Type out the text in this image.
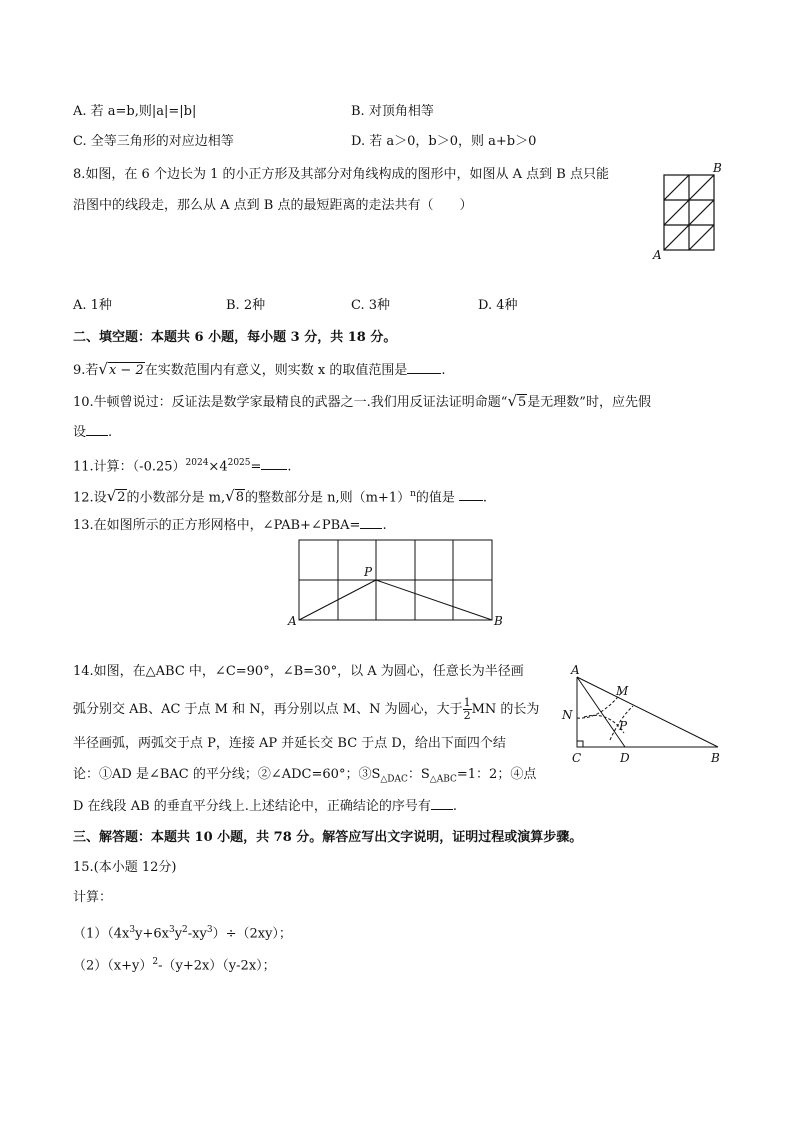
A. 若 a=b,则|a|=|b|	B. 对顶角相等
C. 全等三角形的对应边相等	D. 若 a＞0，b＞0，则 a+b＞0
8.如图，在 6 个边长为 1 的小正方形及其部分对角线构成的图形中，如图从 A 点到 B 点只能
沿图中的线段走，那么从 A 点到 B 点的最短距离的走法共有（　　）
B
A
A. 1种	B. 2种	C. 3种	D. 4种
二、填空题：本题共 6 小题，每小题 3 分，共 18 分。
9.若√x − 2在实数范围内有意义，则实数 x 的取值范围是	.
10.牛顿曾说过：反证法是数学家最精良的武器之一.我们用反证法证明命题“√5是无理数”时，应先假
设 .
11.计算：$(-0.25)^{2024}\times 4^{2025}=$ .
12.设√2的小数部分是 m,√8的整数部分是 n,则$(m+1)^n$的值是 .
13.在如图所示的正方形网格中，∠PAB+∠PBA= .
P
A	B
14.如图，在△ABC 中，∠C=90°，∠B=30°，以 A 为圆心，任意长为半径画
弧分别交 AB、AC 于点 M 和 N，再分别以点 M、N 为圆心，大于 $\frac{1}{2}$ MN 的长为
半径画弧，两弧交于点 P，连接 AP 并延长交 BC 于点 D，给出下面四个结
论：①AD 是∠BAC 的平分线；②∠ADC=60°；$③S_{\triangle DAC}$：$S_{\triangle ABC}=1$：2；④点
D 在线段 AB 的垂直平分线上.上述结论中，正确结论的序号有 .
A
M
N
P
C	D	B
三、解答题：本题共 10 小题，共 78 分。解答应写出文字说明，证明过程或演算步骤。
15.(本小题 12分)
计算：
$(1)(4x^3y+6x^3y^2-xy^3)\div(2xy)$；
$(2)(x+y)^2-(y+2x)(y-2x)$；
